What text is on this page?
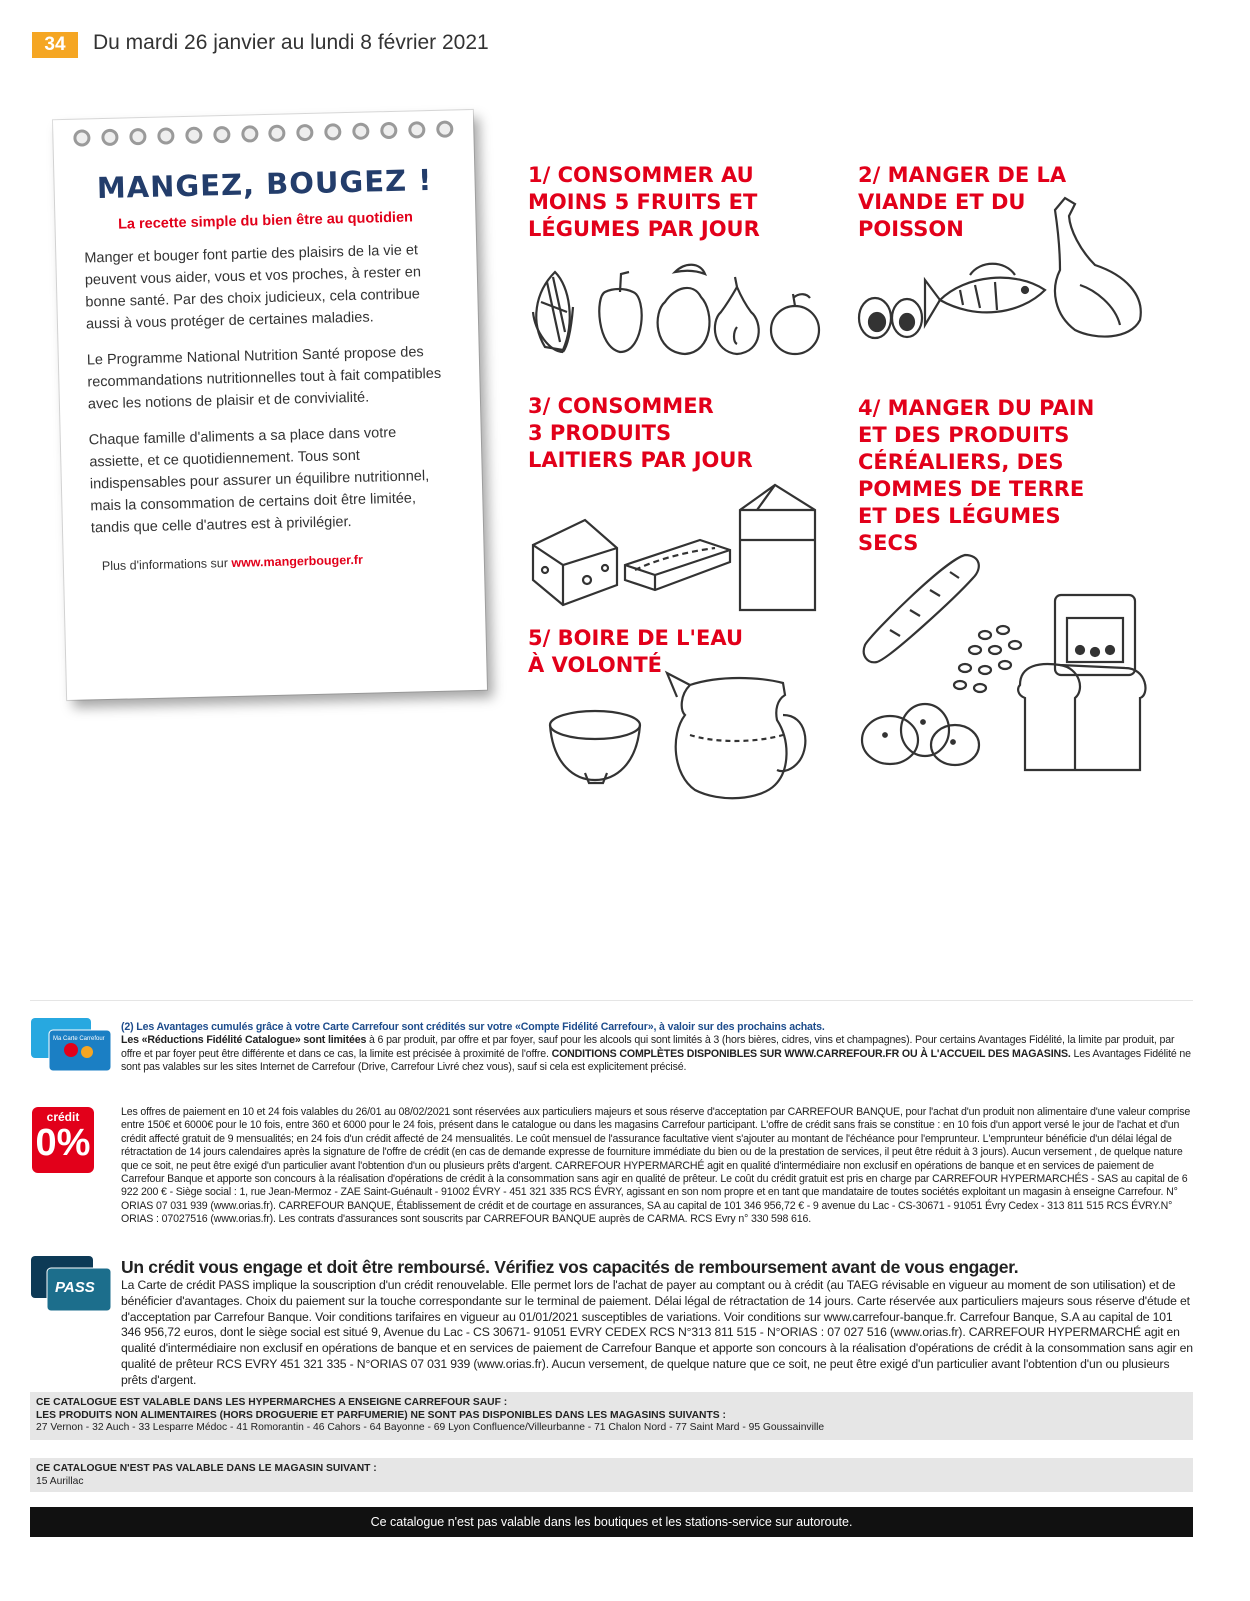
34	Du mardi 26 janvier au lundi 8 février 2021
MANGEZ, BOUGEZ !
La recette simple du bien être au quotidien

Manger et bouger font partie des plaisirs de la vie et peuvent vous aider, vous et vos proches, à rester en bonne santé. Par des choix judicieux, cela contribue aussi à vous protéger de certaines maladies.

Le Programme National Nutrition Santé propose des recommandations nutritionnelles tout à fait compatibles avec les notions de plaisir et de convivialité.

Chaque famille d'aliments a sa place dans votre assiette, et ce quotidiennement. Tous sont indispensables pour assurer un équilibre nutritionnel, mais la consommation de certains doit être limitée, tandis que celle d'autres est à privilégier.

Plus d'informations sur www.mangerbouger.fr
1/ CONSOMMER AU
MOINS 5 FRUITS ET
LÉGUMES PAR JOUR
2/ MANGER DE LA
VIANDE ET DU
POISSON
3/ CONSOMMER
3 PRODUITS
LAITIERS PAR JOUR
4/ MANGER DU PAIN
ET DES PRODUITS
CÉRÉALIERS, DES
POMMES DE TERRE
ET DES LÉGUMES
SECS
5/ BOIRE DE L'EAU
À VOLONTÉ
Ma Carte Carrefour
(2) Les Avantages cumulés grâce à votre Carte Carrefour sont crédités sur votre «Compte Fidélité Carrefour», à valoir sur des prochains achats.
Les «Réductions Fidélité Catalogue» sont limitées à 6 par produit, par offre et par foyer, sauf pour les alcools qui sont limités à 3 (hors bières, cidres, vins et champagnes). Pour certains Avantages Fidélité, la limite par produit, par offre et par foyer peut être différente et dans ce cas, la limite est précisée à proximité de l'offre. CONDITIONS COMPLÈTES DISPONIBLES SUR WWW.CARREFOUR.FR OU À L'ACCUEIL DES MAGASINS. Les Avantages Fidélité ne sont pas valables sur les sites Internet de Carrefour (Drive, Carrefour Livré chez vous), sauf si cela est explicitement précisé.
crédit
0%
Les offres de paiement en 10 et 24 fois valables du 26/01 au 08/02/2021 sont réservées aux particuliers majeurs et sous réserve d'acceptation par CARREFOUR BANQUE, pour l'achat d'un produit non alimentaire d'une valeur comprise entre 150€ et 6000€ pour le 10 fois, entre 360 et 6000 pour le 24 fois, présent dans le catalogue ou dans les magasins Carrefour participant. L'offre de crédit sans frais se constitue : en 10 fois d'un apport versé le jour de l'achat et d'un crédit affecté gratuit de 9 mensualités; en 24 fois d'un crédit affecté de 24 mensualités. Le coût mensuel de l'assurance facultative vient s'ajouter au montant de l'échéance pour l'emprunteur. L'emprunteur bénéficie d'un délai légal de rétractation de 14 jours calendaires après la signature de l'offre de crédit (en cas de demande expresse de fourniture immédiate du bien ou de la prestation de services, il peut être réduit à 3 jours). Aucun versement , de quelque nature que ce soit, ne peut être exigé d'un particulier avant l'obtention d'un ou plusieurs prêts d'argent. CARREFOUR HYPERMARCHÉ agit en qualité d'intermédiaire non exclusif en opérations de banque et en services de paiement de Carrefour Banque et apporte son concours à la réalisation d'opérations de crédit à la consommation sans agir en qualité de prêteur. Le coût du crédit gratuit est pris en charge par CARREFOUR HYPERMARCHÉS - SAS au capital de 6 922 200 € - Siège social : 1, rue Jean-Mermoz - ZAE Saint-Guénault - 91002 ÉVRY - 451 321 335 RCS ÉVRY, agissant en son nom propre et en tant que mandataire de toutes sociétés exploitant un magasin à enseigne Carrefour. N° ORIAS 07 031 939 (www.orias.fr). CARREFOUR BANQUE, Établissement de crédit et de courtage en assurances, SA au capital de 101 346 956,72 € - 9 avenue du Lac - CS-30671 - 91051 Évry Cedex - 313 811 515 RCS ÉVRY.N° ORIAS : 07027516 (www.orias.fr). Les contrats d'assurances sont souscrits par CARREFOUR BANQUE auprès de CARMA. RCS Evry n° 330 598 616.
PASS
Un crédit vous engage et doit être remboursé. Vérifiez vos capacités de remboursement avant de vous engager.
La Carte de crédit PASS implique la souscription d'un crédit renouvelable. Elle permet lors de l'achat de payer au comptant ou à crédit (au TAEG révisable en vigueur au moment de son utilisation) et de bénéficier d'avantages. Choix du paiement sur la touche correspondante sur le terminal de paiement. Délai légal de rétractation de 14 jours. Carte réservée aux particuliers majeurs sous réserve d'étude et d'acceptation par Carrefour Banque. Voir conditions tarifaires en vigueur au 01/01/2021 susceptibles de variations. Voir conditions sur www.carrefour-banque.fr. Carrefour Banque, S.A au capital de 101 346 956,72 euros, dont le siège social est situé 9, Avenue du Lac - CS 30671- 91051 EVRY CEDEX RCS N°313 811 515 - N°ORIAS : 07 027 516 (www.orias.fr). CARREFOUR HYPERMARCHÉ agit en qualité d'intermédiaire non exclusif en opérations de banque et en services de paiement de Carrefour Banque et apporte son concours à la réalisation d'opérations de crédit à la consommation sans agir en qualité de prêteur RCS EVRY 451 321 335 - N°ORIAS 07 031 939 (www.orias.fr). Aucun versement, de quelque nature que ce soit, ne peut être exigé d'un particulier avant l'obtention d'un ou plusieurs prêts d'argent.
CE CATALOGUE EST VALABLE DANS LES HYPERMARCHES A ENSEIGNE CARREFOUR SAUF :
LES PRODUITS NON ALIMENTAIRES (HORS DROGUERIE ET PARFUMERIE) NE SONT PAS DISPONIBLES DANS LES MAGASINS SUIVANTS :
27 Vernon - 32 Auch - 33 Lesparre Médoc - 41 Romorantin - 46 Cahors - 64 Bayonne - 69 Lyon Confluence/Villeurbanne - 71 Chalon Nord - 77 Saint Mard - 95 Goussainville
CE CATALOGUE N'EST PAS VALABLE DANS LE MAGASIN SUIVANT :
15 Aurillac
Ce catalogue n'est pas valable dans les boutiques et les stations-service sur autoroute.
